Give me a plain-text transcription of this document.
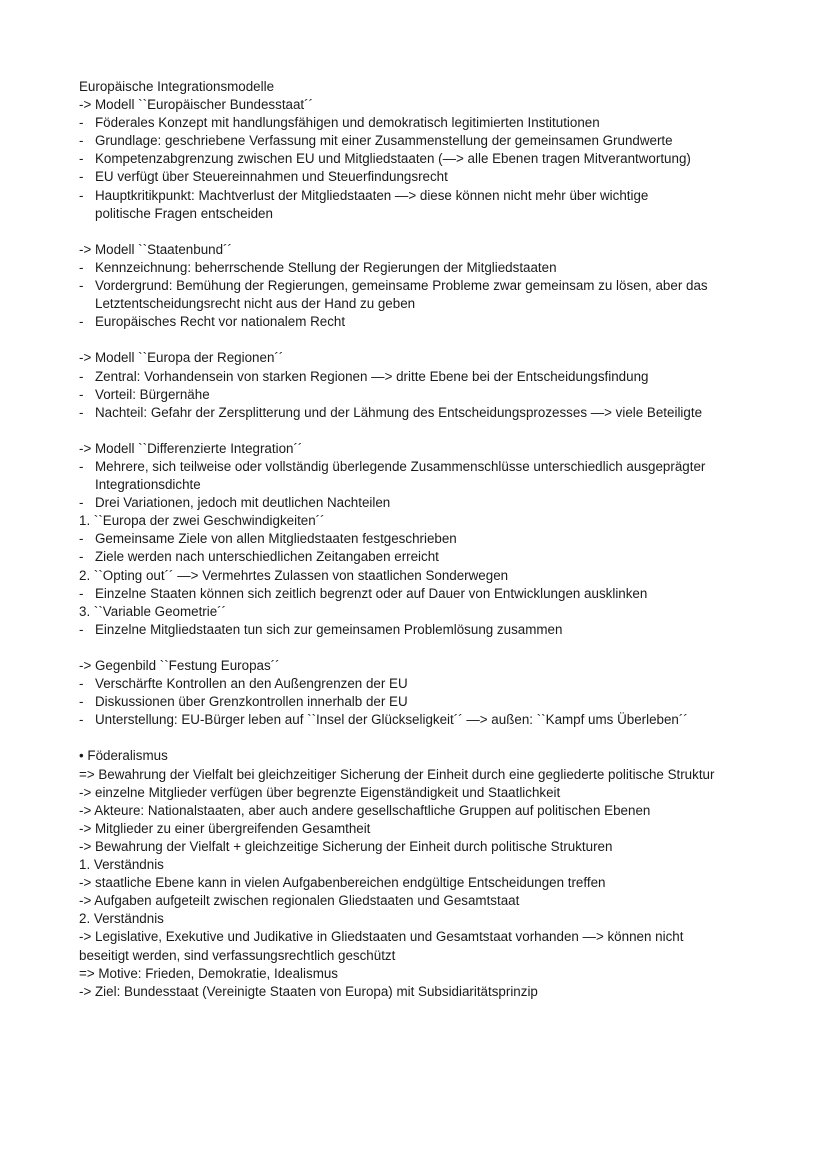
Europäische Integrationsmodelle
-> Modell ``Europäischer Bundesstaat´´
- Föderales Konzept mit handlungsfähigen und demokratisch legitimierten Institutionen
- Grundlage: geschriebene Verfassung mit einer Zusammenstellung der gemeinsamen Grundwerte
- Kompetenzabgrenzung zwischen EU und Mitgliedstaaten (—> alle Ebenen tragen Mitverantwortung)
- EU verfügt über Steuereinnahmen und Steuerfindungsrecht
- Hauptkritikpunkt: Machtverlust der Mitgliedstaaten —> diese können nicht mehr über wichtige politische Fragen entscheiden
-> Modell ``Staatenbund´´
- Kennzeichnung: beherrschende Stellung der Regierungen der Mitgliedstaaten
- Vordergrund: Bemühung der Regierungen, gemeinsame Probleme zwar gemeinsam zu lösen, aber das Letztentscheidungsrecht nicht aus der Hand zu geben
- Europäisches Recht vor nationalem Recht
-> Modell ``Europa der Regionen´´
- Zentral: Vorhandensein von starken Regionen —> dritte Ebene bei der Entscheidungsfindung
- Vorteil: Bürgernähe
- Nachteil: Gefahr der Zersplitterung und der Lähmung des Entscheidungsprozesses —> viele Beteiligte
-> Modell ``Differenzierte Integration´´
- Mehrere, sich teilweise oder vollständig überlegende Zusammenschlüsse unterschiedlich ausgeprägter Integrationsdichte
- Drei Variationen, jedoch mit deutlichen Nachteilen
1. ``Europa der zwei Geschwindigkeiten´´
- Gemeinsame Ziele von allen Mitgliedstaaten festgeschrieben
- Ziele werden nach unterschiedlichen Zeitangaben erreicht
2. ``Opting out´´ —> Vermehrtes Zulassen von staatlichen Sonderwegen
- Einzelne Staaten können sich zeitlich begrenzt oder auf Dauer von Entwicklungen ausklinken
3. ``Variable Geometrie´´
- Einzelne Mitgliedstaaten tun sich zur gemeinsamen Problemlösung zusammen
-> Gegenbild ``Festung Europas´´
- Verschärfte Kontrollen an den Außengrenzen der EU
- Diskussionen über Grenzkontrollen innerhalb der EU
- Unterstellung: EU-Bürger leben auf ``Insel der Glückseligkeit´´ —> außen: ``Kampf ums Überleben´´
• Föderalismus
=> Bewahrung der Vielfalt bei gleichzeitiger Sicherung der Einheit durch eine gegliederte politische Struktur
-> einzelne Mitglieder verfügen über begrenzte Eigenständigkeit und Staatlichkeit
-> Akteure: Nationalstaaten, aber auch andere gesellschaftliche Gruppen auf politischen Ebenen
-> Mitglieder zu einer übergreifenden Gesamtheit
-> Bewahrung der Vielfalt + gleichzeitige Sicherung der Einheit durch politische Strukturen
1. Verständnis
-> staatliche Ebene kann in vielen Aufgabenbereichen endgültige Entscheidungen treffen
-> Aufgaben aufgeteilt zwischen regionalen Gliedstaaten und Gesamtstaat
2. Verständnis
-> Legislative, Exekutive und Judikative in Gliedstaaten und Gesamtstaat vorhanden —> können nicht beseitigt werden, sind verfassungsrechtlich geschützt
=> Motive: Frieden, Demokratie, Idealismus
-> Ziel: Bundesstaat (Vereinigte Staaten von Europa) mit Subsidiaritätsprinzip
